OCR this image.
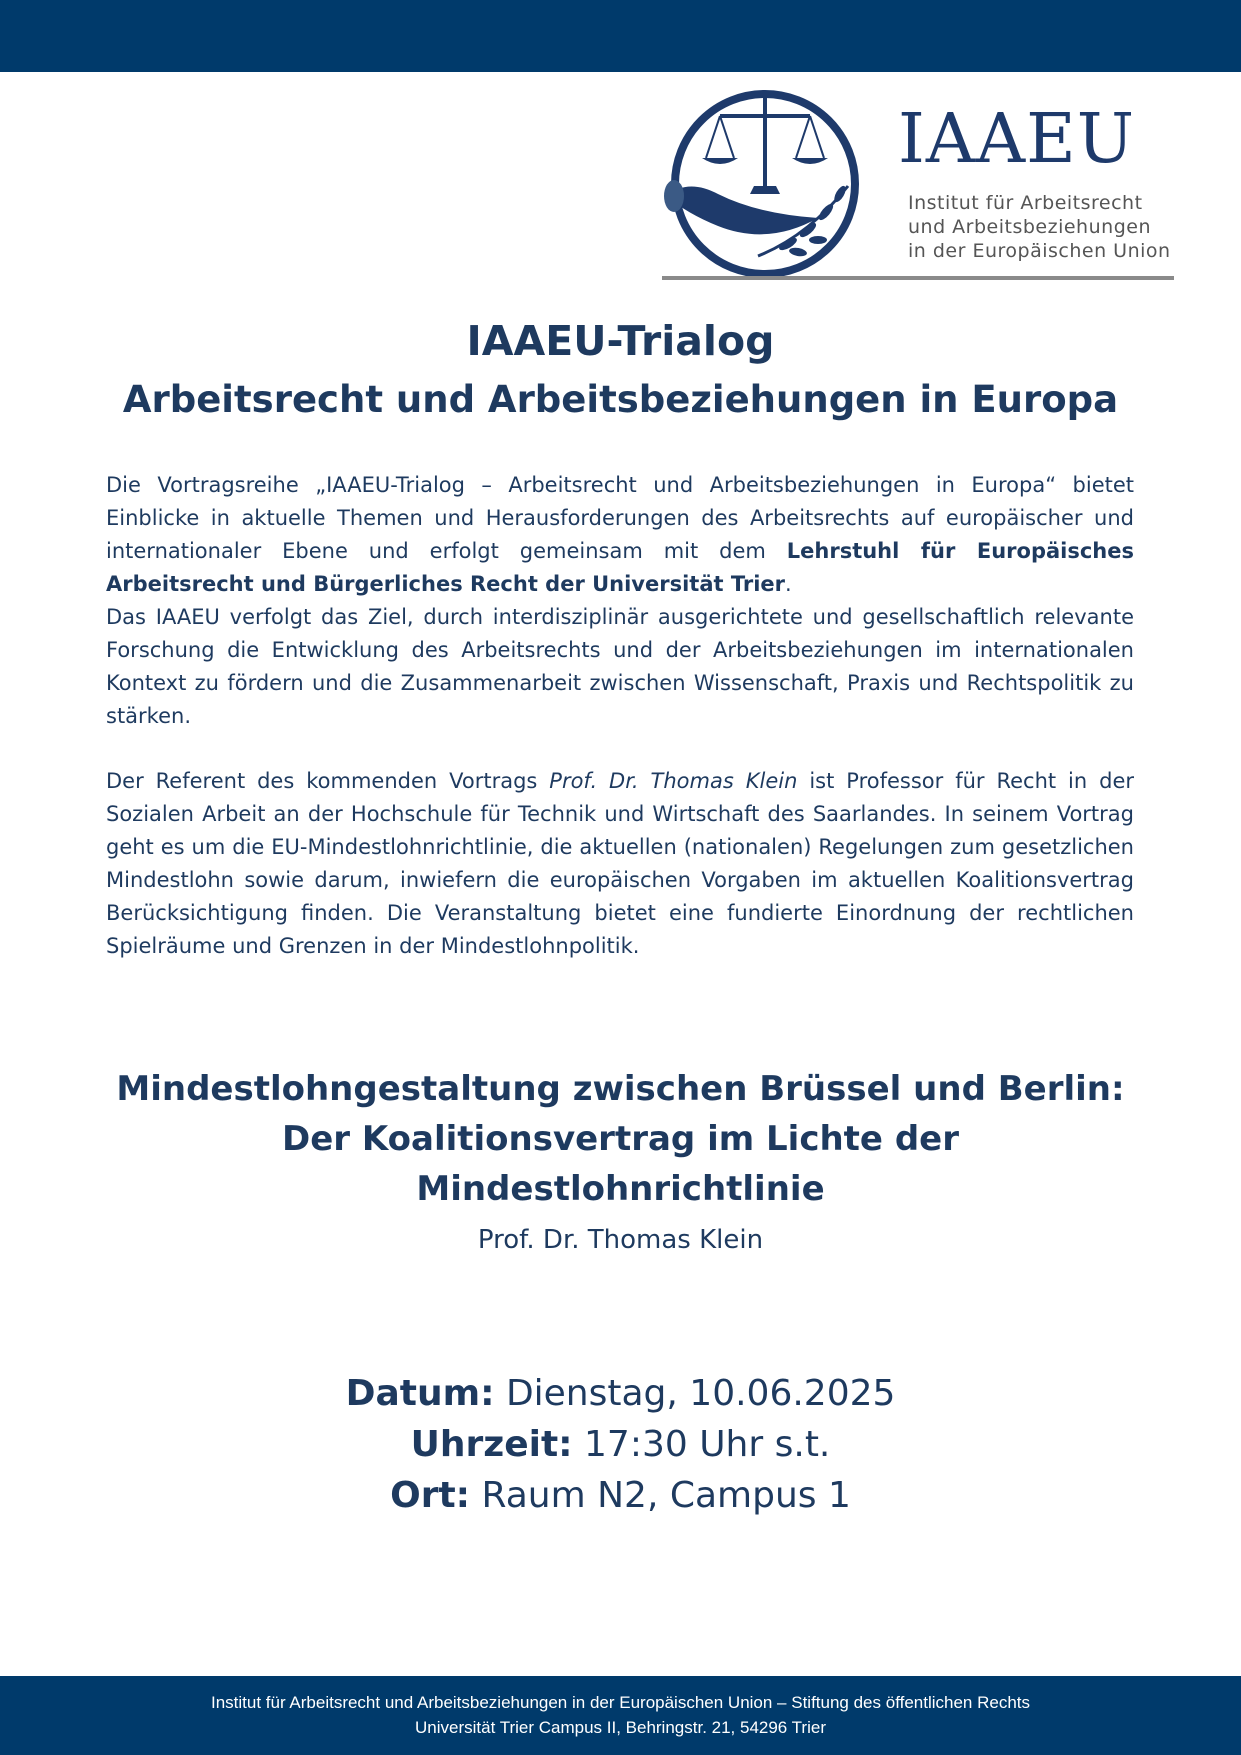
IAAEU
Institut für Arbeitsrecht
und Arbeitsbeziehungen
in der Europäischen Union
IAAEU-Trialog
Arbeitsrecht und Arbeitsbeziehungen in Europa
Die Vortragsreihe „IAAEU-Trialog – Arbeitsrecht und Arbeitsbeziehungen in Europa“ bietet Einblicke in aktuelle Themen und Herausforderungen des Arbeitsrechts auf europäischer und internationaler Ebene und erfolgt gemeinsam mit dem Lehrstuhl für Europäisches Arbeitsrecht und Bürgerliches Recht der Universität Trier.
Das IAAEU verfolgt das Ziel, durch interdisziplinär ausgerichtete und gesellschaftlich relevante Forschung die Entwicklung des Arbeitsrechts und der Arbeitsbeziehungen im internationalen Kontext zu fördern und die Zusammenarbeit zwischen Wissenschaft, Praxis und Rechtspolitik zu stärken.
Der Referent des kommenden Vortrags Prof. Dr. Thomas Klein ist Professor für Recht in der Sozialen Arbeit an der Hochschule für Technik und Wirtschaft des Saarlandes. In seinem Vortrag geht es um die EU-Mindestlohnrichtlinie, die aktuellen (nationalen) Regelungen zum gesetzlichen Mindestlohn sowie darum, inwiefern die europäischen Vorgaben im aktuellen Koalitionsvertrag Berücksichtigung finden. Die Veranstaltung bietet eine fundierte Einordnung der rechtlichen Spielräume und Grenzen in der Mindestlohnpolitik.
Mindestlohngestaltung zwischen Brüssel und Berlin:
Der Koalitionsvertrag im Lichte der
Mindestlohnrichtlinie
Prof. Dr. Thomas Klein
Datum: Dienstag, 10.06.2025
Uhrzeit: 17:30 Uhr s.t.
Ort: Raum N2, Campus 1
Institut für Arbeitsrecht und Arbeitsbeziehungen in der Europäischen Union – Stiftung des öffentlichen Rechts
Universität Trier Campus II, Behringstr. 21, 54296 Trier
